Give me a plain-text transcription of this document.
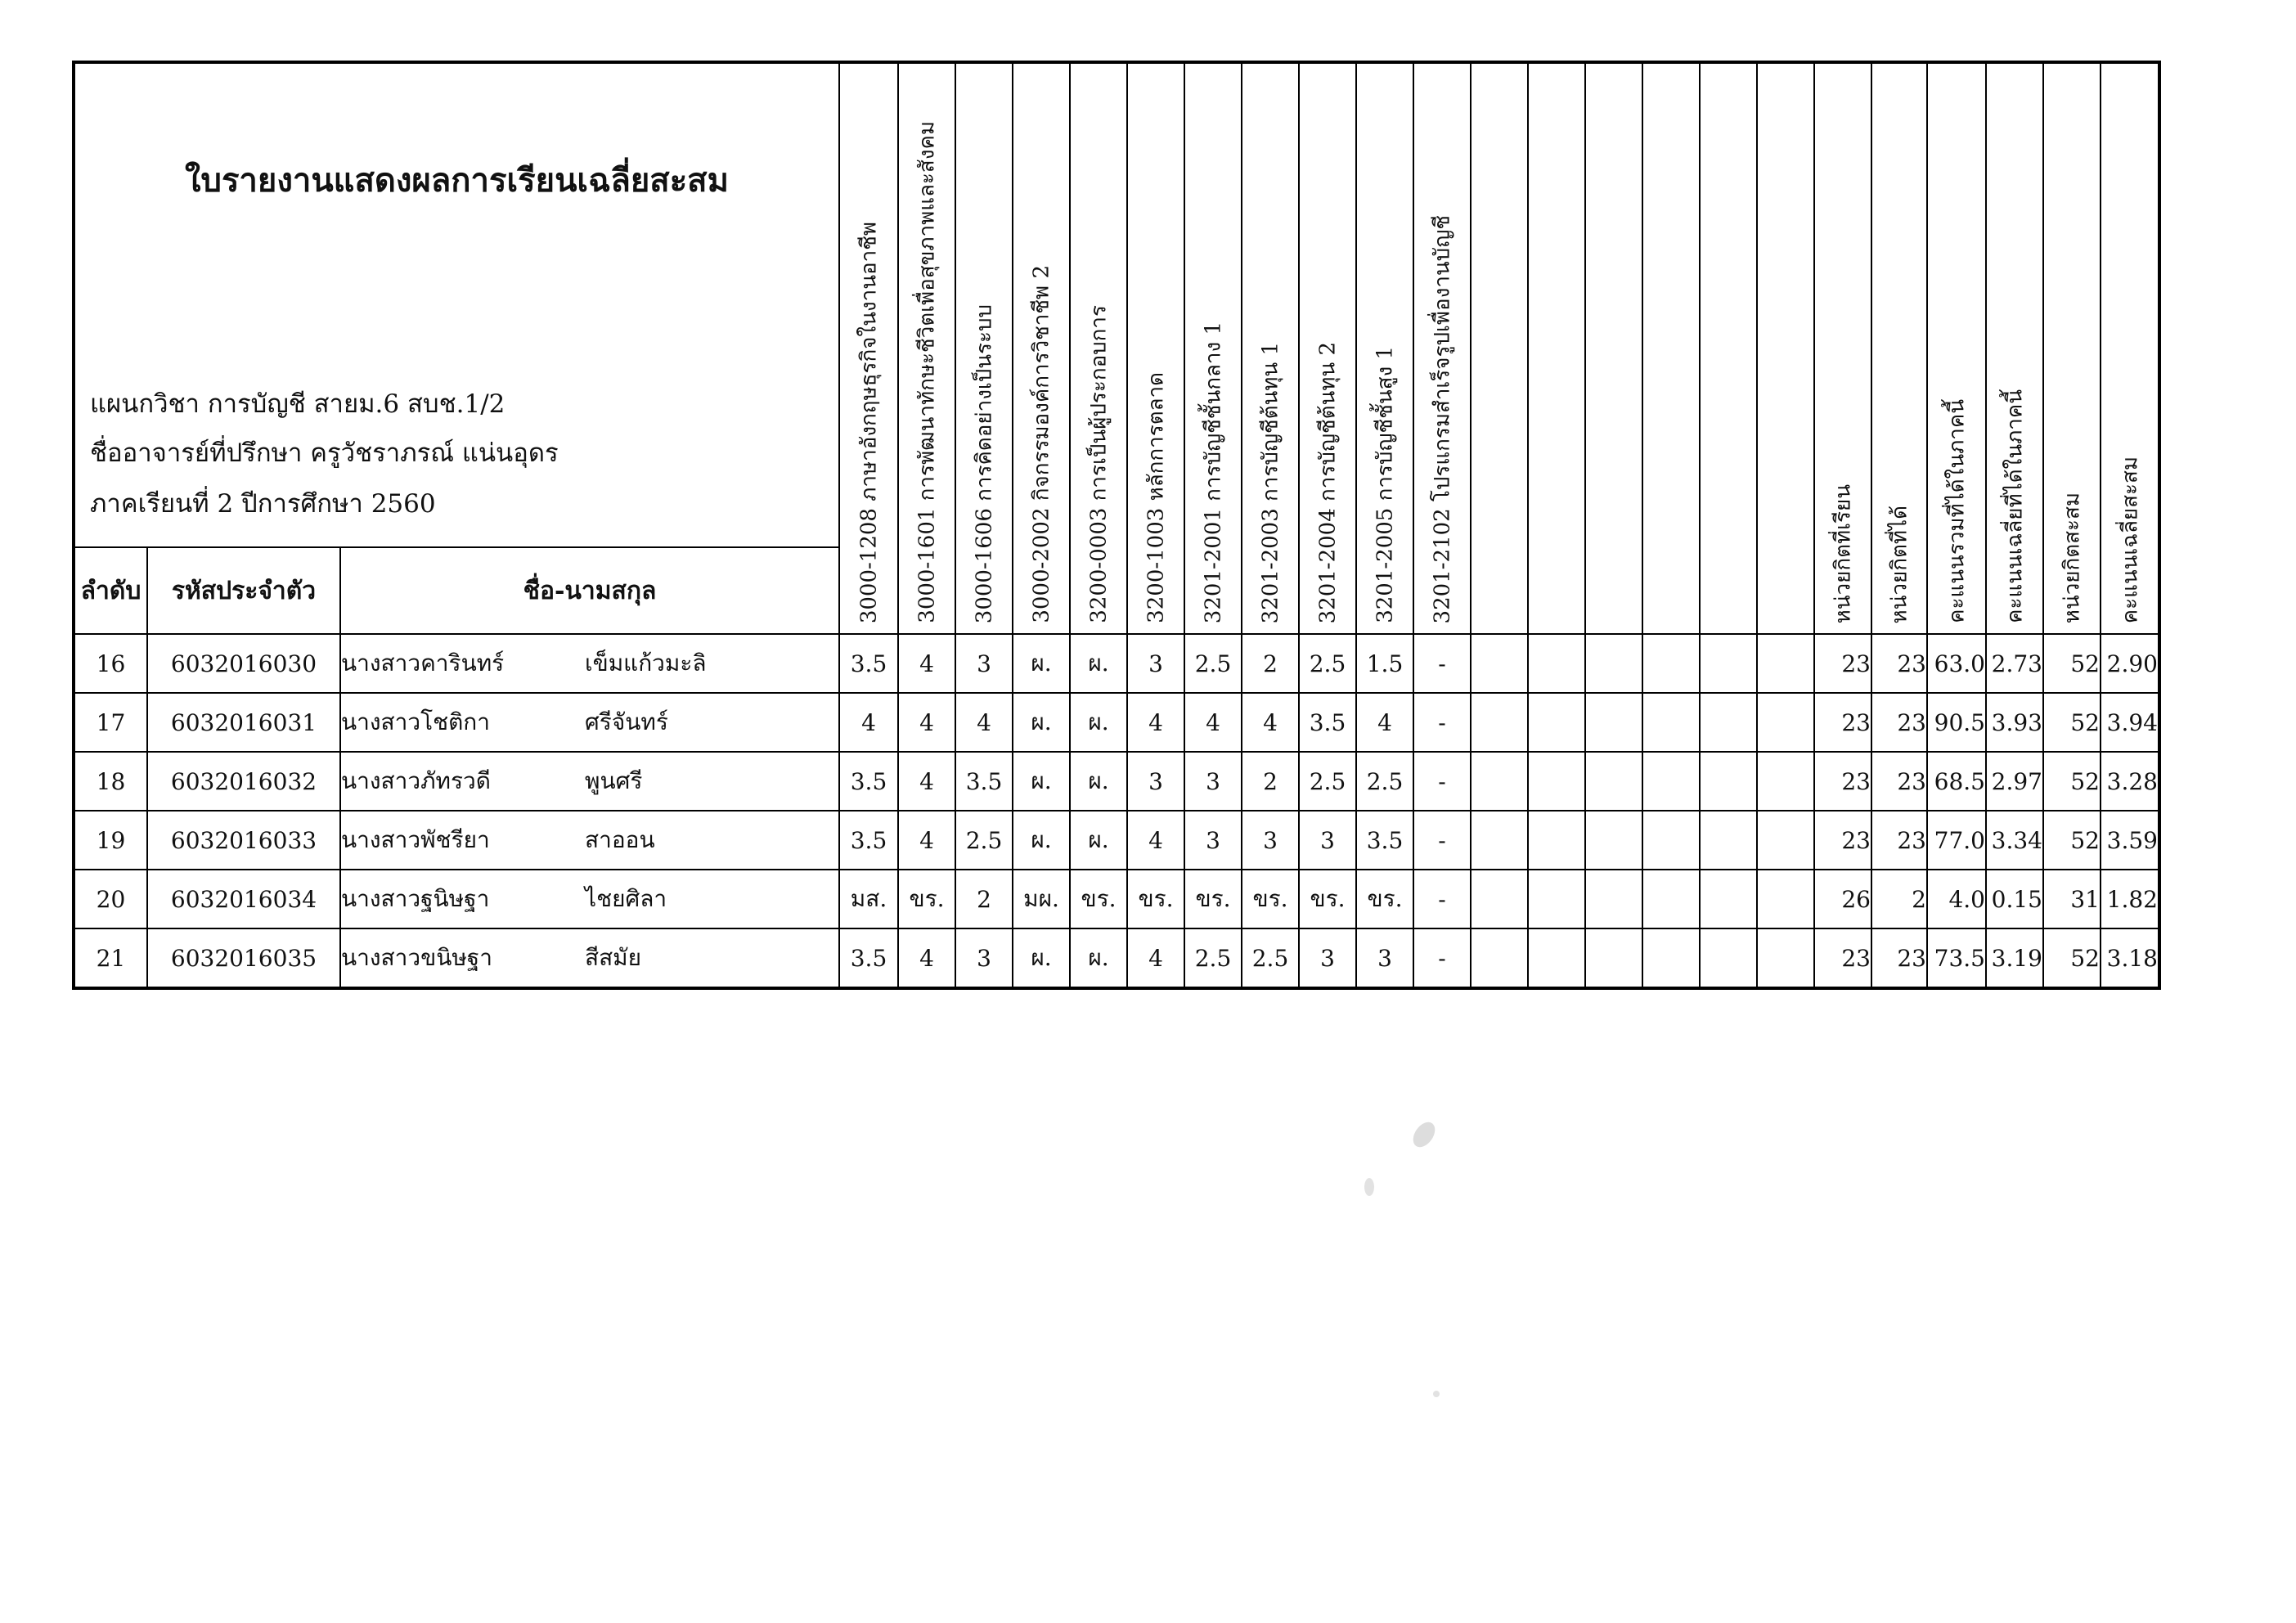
ใบรายงานแสดงผลการเรียนเฉลี่ยสะสม
แผนกวิชา การบัญชี สายม.6 สบช.1/2
ชื่ออาจารย์ที่ปรึกษา ครูวัชราภรณ์ แน่นอุดร
ภาคเรียนที่ 2 ปีการศึกษา 2560			3000-1208 ภาษาอังกฤษธุรกิจในงานอาชีพ	3000-1601 การพัฒนาทักษะชีวิตเพื่อสุขภาพและสังคม	3000-1606 การคิดอย่างเป็นระบบ	3000-2002 กิจกรรมองค์การวิชาชีพ 2	3200-0003 การเป็นผู้ประกอบการ	3200-1003 หลักการตลาด	3201-2001 การบัญชีชั้นกลาง 1	3201-2003 การบัญชีต้นทุน 1	3201-2004 การบัญชีต้นทุน 2	3201-2005 การบัญชีชั้นสูง 1	3201-2102 โปรแกรมสำเร็จรูปเพื่องานบัญชี							หน่วยกิตที่เรียน	หน่วยกิตที่ได้	คะแนนรวมที่ได้ในภาคนี้	คะแนนเฉลี่ยที่ได้ในภาคนี้	หน่วยกิตสะสม	คะแนนเฉลี่ยสะสม

ลำดับ	รหัสประจำตัว	ชื่อ-นามสกุล																							
16	6032016030	นางสาวคารินทร์ เข็มแก้วมะลิ	3.5	4	3	ผ.	ผ.	3	2.5	2	2.5	1.5	-							23	23	63.0	2.73	52	2.90
17	6032016031	นางสาวโชติกา ศรีจันทร์	4	4	4	ผ.	ผ.	4	4	4	3.5	4	-							23	23	90.5	3.93	52	3.94
18	6032016032	นางสาวภัทรวดี พูนศรี	3.5	4	3.5	ผ.	ผ.	3	3	2	2.5	2.5	-							23	23	68.5	2.97	52	3.28
19	6032016033	นางสาวพัชรียา สาออน	3.5	4	2.5	ผ.	ผ.	4	3	3	3	3.5	-							23	23	77.0	3.34	52	3.59
20	6032016034	นางสาวฐนิษฐา ไชยศิลา	มส.	ขร.	2	มผ.	ขร.	ขร.	ขร.	ขร.	ขร.	ขร.	-							26	2	4.0	0.15	31	1.82
21	6032016035	นางสาวขนิษฐา สีสมัย	3.5	4	3	ผ.	ผ.	4	2.5	2.5	3	3	-							23	23	73.5	3.19	52	3.18
